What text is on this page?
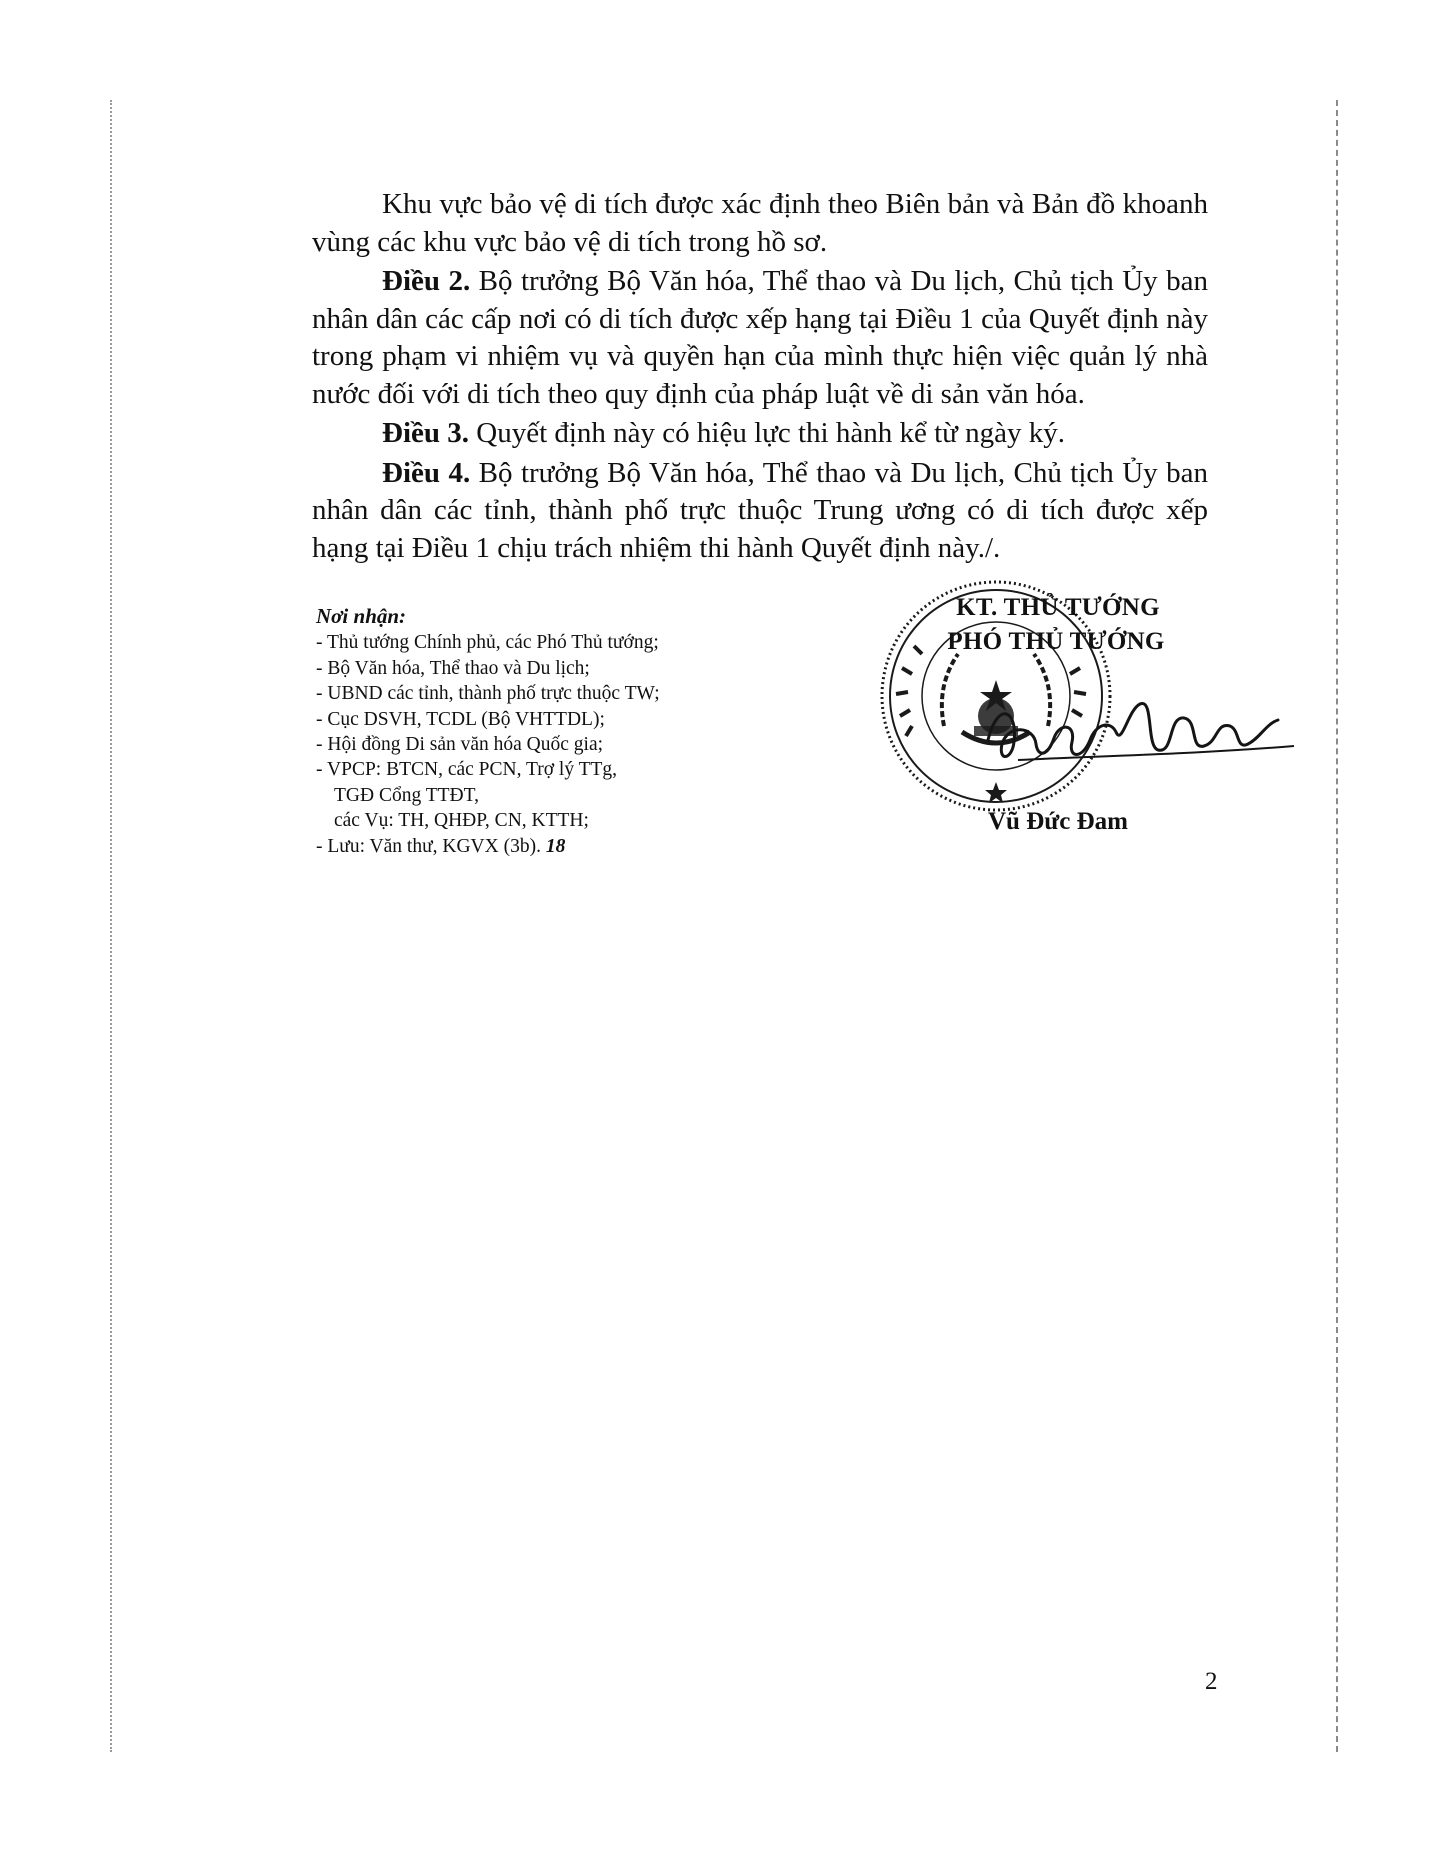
Khu vực bảo vệ di tích được xác định theo Biên bản và Bản đồ khoanh vùng các khu vực bảo vệ di tích trong hồ sơ.

Điều 2. Bộ trưởng Bộ Văn hóa, Thể thao và Du lịch, Chủ tịch Ủy ban nhân dân các cấp nơi có di tích được xếp hạng tại Điều 1 của Quyết định này trong phạm vi nhiệm vụ và quyền hạn của mình thực hiện việc quản lý nhà nước đối với di tích theo quy định của pháp luật về di sản văn hóa.

Điều 3. Quyết định này có hiệu lực thi hành kể từ ngày ký.

Điều 4. Bộ trưởng Bộ Văn hóa, Thể thao và Du lịch, Chủ tịch Ủy ban nhân dân các tỉnh, thành phố trực thuộc Trung ương có di tích được xếp hạng tại Điều 1 chịu trách nhiệm thi hành Quyết định này./.

Nơi nhận:
- Thủ tướng Chính phủ, các Phó Thủ tướng;
- Bộ Văn hóa, Thể thao và Du lịch;
- UBND các tỉnh, thành phố trực thuộc TW;
- Cục DSVH, TCDL (Bộ VHTTDL);
- Hội đồng Di sản văn hóa Quốc gia;
- VPCP: BTCN, các PCN, Trợ lý TTg,
TGĐ Cổng TTĐT,
các Vụ: TH, QHĐP, CN, KTTH;
- Lưu: Văn thư, KGVX (3b). 18
KT. THỦ TƯỚNG
PHÓ THỦ TƯỚNG
Vũ Đức Đam
2
